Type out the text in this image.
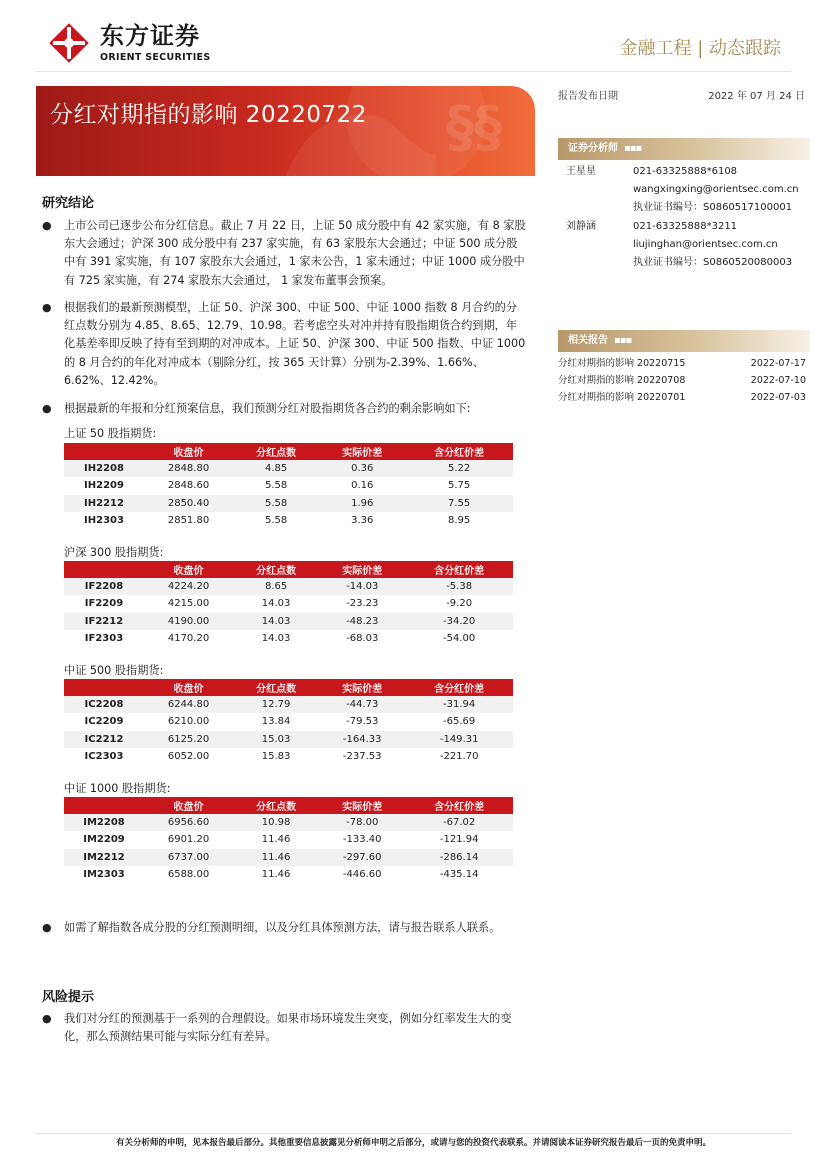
东方证券
ORIENT SECURITIES	金融工程 | 动态跟踪
§§
分红对期指的影响 20220722
报告发布日期	2022 年 07 月 24 日
证券分析师 ▪▪▪
王星星	021-63325888*6108
wangxingxing@orientsec.com.cn
执业证书编号：S0860517100001
刘静涵	021-63325888*3211
liujinghan@orientsec.com.cn
执业证书编号：S0860520080003
相关报告 ▪▪▪
分红对期指的影响 20220715	2022-07-17
分红对期指的影响 20220708	2022-07-10
分红对期指的影响 20220701	2022-07-03
研究结论
● 上市公司已逐步公布分红信息。截止 7 月 22 日，上证 50 成分股中有 42 家实施，有 8 家股东大会通过；沪深 300 成分股中有 237 家实施，有 63 家股东大会通过；中证 500 成分股中有 391 家实施，有 107 家股东大会通过，1 家未公告，1 家未通过；中证 1000 成分股中有 725 家实施，有 274 家股东大会通过， 1 家发布董事会预案。
● 根据我们的最新预测模型，上证 50、沪深 300、中证 500、中证 1000 指数 8 月合约的分红点数分别为 4.85、8.65、12.79、10.98。若考虑空头对冲并持有股指期货合约到期，年化基差率即反映了持有至到期的对冲成本。上证 50、沪深 300、中证 500 指数、中证 1000 的 8 月合约的年化对冲成本（剔除分红，按 365 天计算）分别为-2.39%、1.66%、6.62%、12.42%。
● 根据最新的年报和分红预案信息，我们预测分红对股指期货各合约的剩余影响如下:
上证 50 股指期货:
	收盘价	分红点数	实际价差	含分红价差
IH2208	2848.80	4.85	0.36	5.22
IH2209	2848.60	5.58	0.16	5.75
IH2212	2850.40	5.58	1.96	7.55
IH2303	2851.80	5.58	3.36	8.95
沪深 300 股指期货:
	收盘价	分红点数	实际价差	含分红价差
IF2208	4224.20	8.65	-14.03	-5.38
IF2209	4215.00	14.03	-23.23	-9.20
IF2212	4190.00	14.03	-48.23	-34.20
IF2303	4170.20	14.03	-68.03	-54.00
中证 500 股指期货:
	收盘价	分红点数	实际价差	含分红价差
IC2208	6244.80	12.79	-44.73	-31.94
IC2209	6210.00	13.84	-79.53	-65.69
IC2212	6125.20	15.03	-164.33	-149.31
IC2303	6052.00	15.83	-237.53	-221.70
中证 1000 股指期货:
	收盘价	分红点数	实际价差	含分红价差
IM2208	6956.60	10.98	-78.00	-67.02
IM2209	6901.20	11.46	-133.40	-121.94
IM2212	6737.00	11.46	-297.60	-286.14
IM2303	6588.00	11.46	-446.60	-435.14
● 如需了解指数各成分股的分红预测明细，以及分红具体预测方法，请与报告联系人联系。
风险提示
● 我们对分红的预测基于一系列的合理假设。如果市场环境发生突变，例如分红率发生大的变化，那么预测结果可能与实际分红有差异。
有关分析师的申明，见本报告最后部分。其他重要信息披露见分析师申明之后部分，或请与您的投资代表联系。并请阅读本证券研究报告最后一页的免责申明。
